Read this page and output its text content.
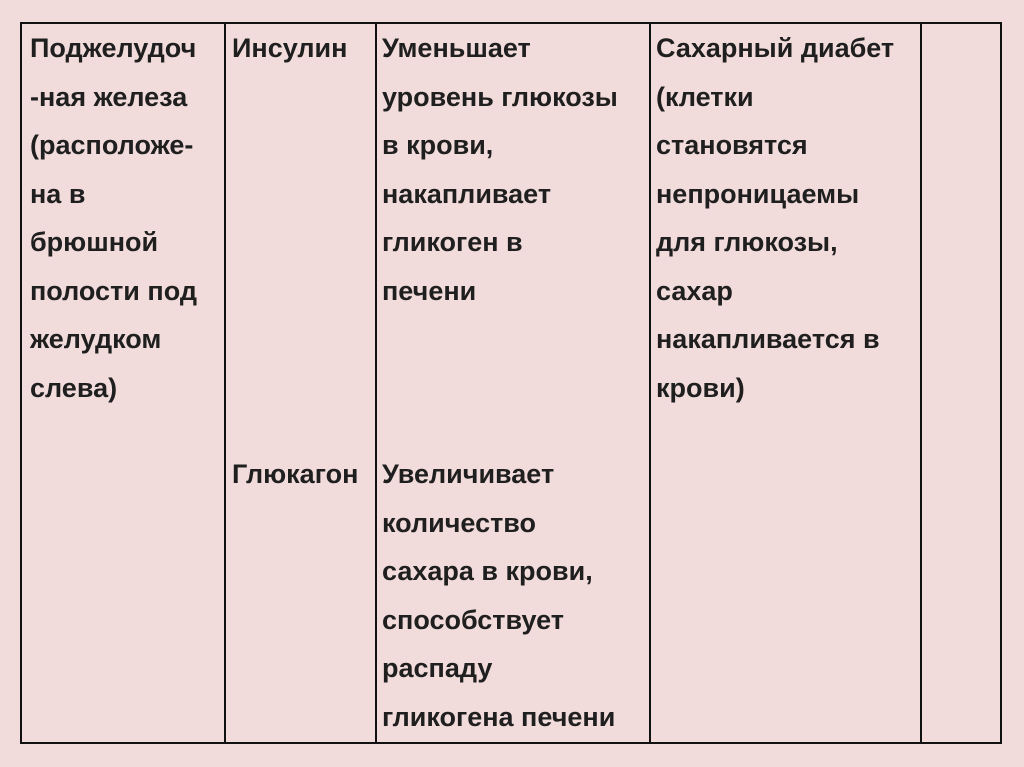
Поджелудоч
-ная железа
(расположе-
на в
брюшной
полости под
желудком
слева)
Инсулин
Глюкагон
Уменьшает
уровень глюкозы
в крови,
накапливает
гликоген в
печени
Увеличивает
количество
сахара в крови,
способствует
распаду
гликогена печени
Сахарный диабет
(клетки
становятся
непроницаемы
для глюкозы,
сахар
накапливается в
крови)
